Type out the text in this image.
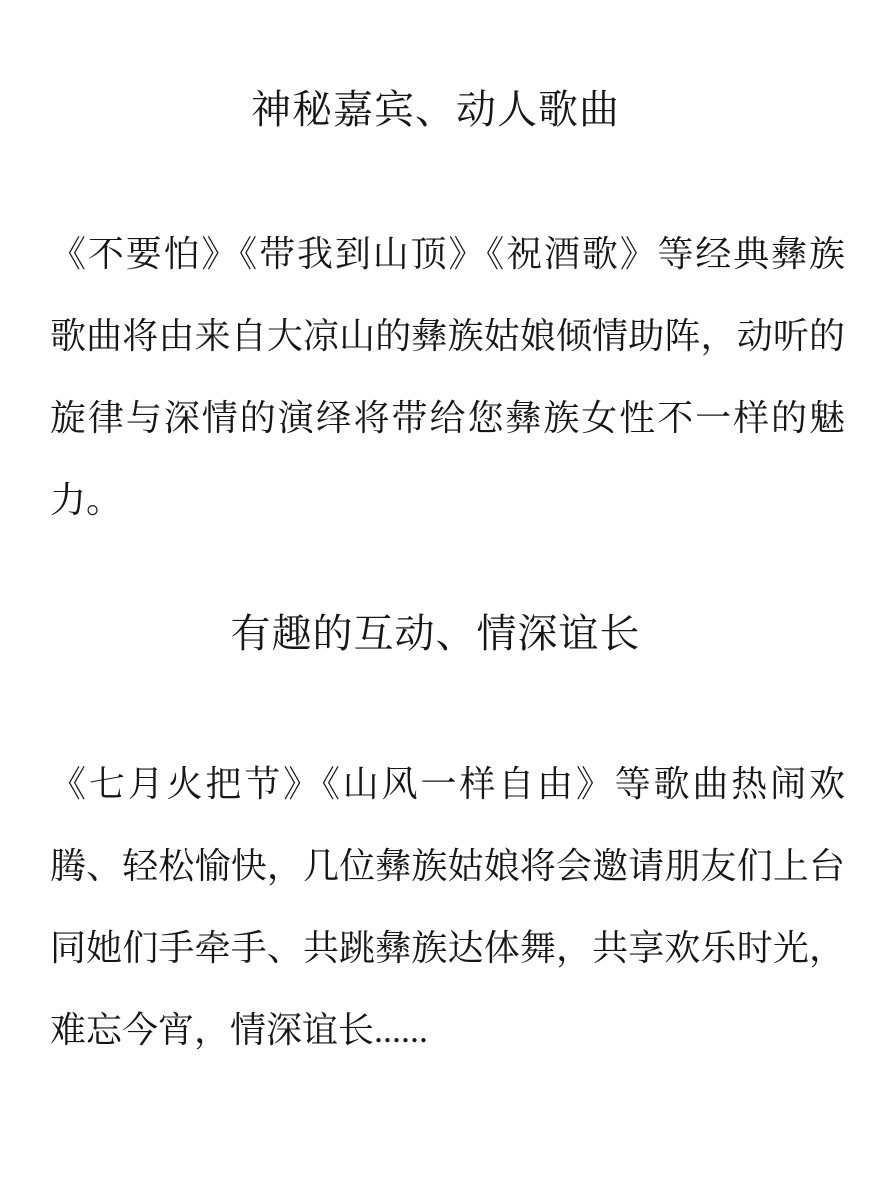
神秘嘉宾、动人歌曲
《不要怕》《带我到山顶》《祝酒歌》等经典彝族
歌曲将由来自大凉山的彝族姑娘倾情助阵，动听的
旋律与深情的演绎将带给您彝族女性不一样的魅
力。
有趣的互动、情深谊长
《七月火把节》《山风一样自由》等歌曲热闹欢
腾、轻松愉快，几位彝族姑娘将会邀请朋友们上台
同她们手牵手、共跳彝族达体舞，共享欢乐时光，
难忘今宵，情深谊长......
